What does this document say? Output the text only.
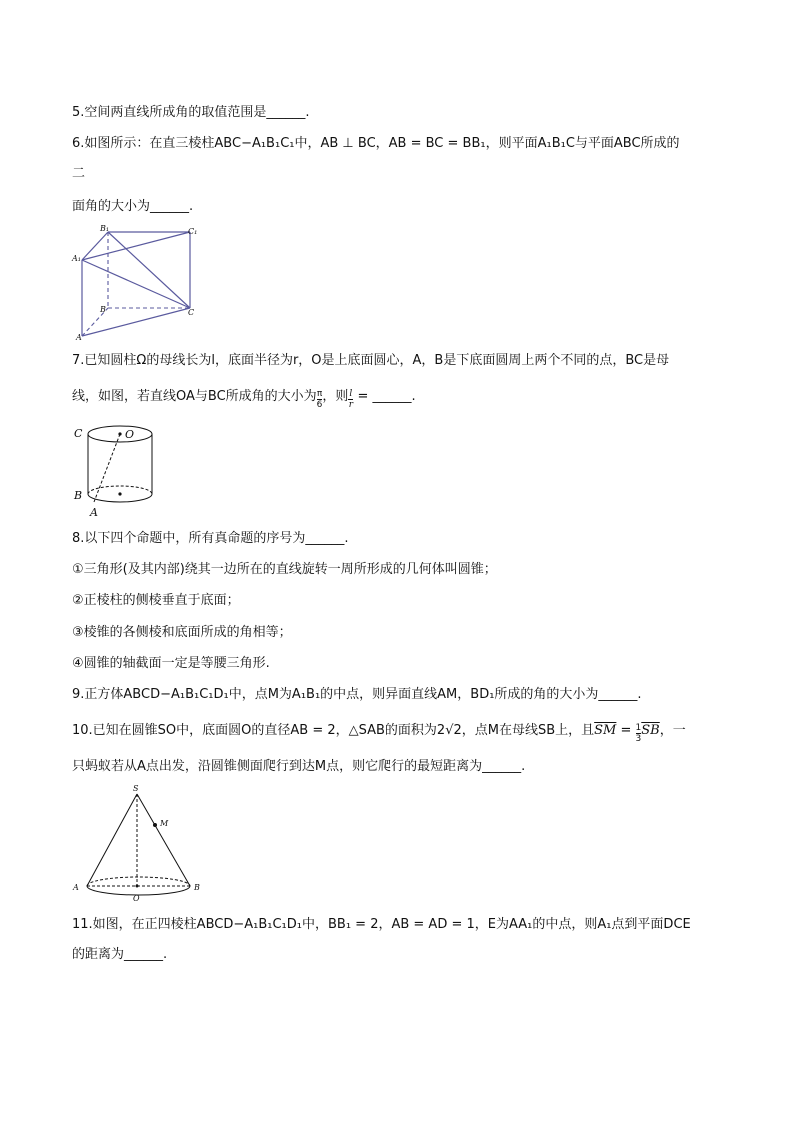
5.空间两直线所成角的取值范围是______.
6.如图所示：在直三棱柱ABC−A₁B₁C₁中，AB ⊥ BC，AB = BC = BB₁，则平面A₁B₁C与平面ABC所成的
二
面角的大小为______.
B₁	C₁
A₁
B	C
A
7.已知圆柱Ω的母线长为l，底面半径为r，O是上底面圆心，A，B是下底面圆周上两个不同的点，BC是母
线，如图，若直线OA与BC所成角的大小为 $\frac{\pi}{6}$ ，则 $\frac{l}{r}$ = ______.
C	O
B
A
8.以下四个命题中，所有真命题的序号为______.
①三角形(及其内部)绕其一边所在的直线旋转一周所形成的几何体叫圆锥；
②正棱柱的侧棱垂直于底面；
③棱锥的各侧棱和底面所成的角相等；
④圆锥的轴截面一定是等腰三角形.
9.正方体ABCD−A₁B₁C₁D₁中，点M为A₁B₁的中点，则异面直线AM，BD₁所成的角的大小为______.
10.已知在圆锥SO中，底面圆O的直径AB = 2，△SAB的面积为2√2，点M在母线SB上，且$\overline{SM} = \frac{1}{3} \overline{SB}$，一
只蚂蚁若从A点出发，沿圆锥侧面爬行到达M点，则它爬行的最短距离为______.
S
M
A	B
O
11.如图，在正四棱柱ABCD−A₁B₁C₁D₁中，BB₁ = 2，AB = AD = 1，E为AA₁的中点，则A₁点到平面DCE
的距离为______.
